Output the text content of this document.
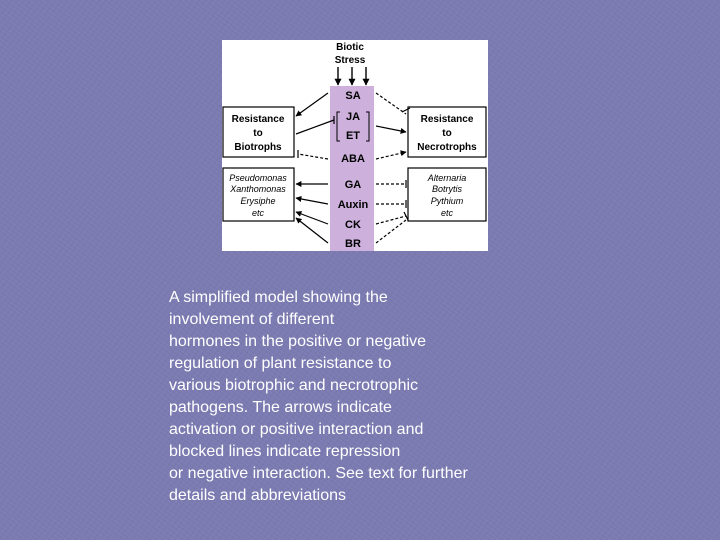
Biotic
Stress
SA
JA
ET
ABA
GA
Auxin
CK
BR
Resistance
to
Biotrophs
Pseudomonas
Xanthomonas
Erysiphe
etc
Resistance
to
Necrotrophs
Alternaria
Botrytis
Pythium
etc
A simplified model showing the
involvement of different
hormones in the positive or negative
regulation of plant resistance to
various biotrophic and necrotrophic
pathogens. The arrows indicate
activation or positive interaction and
blocked lines indicate repression
or negative interaction. See text for further
details and abbreviations
